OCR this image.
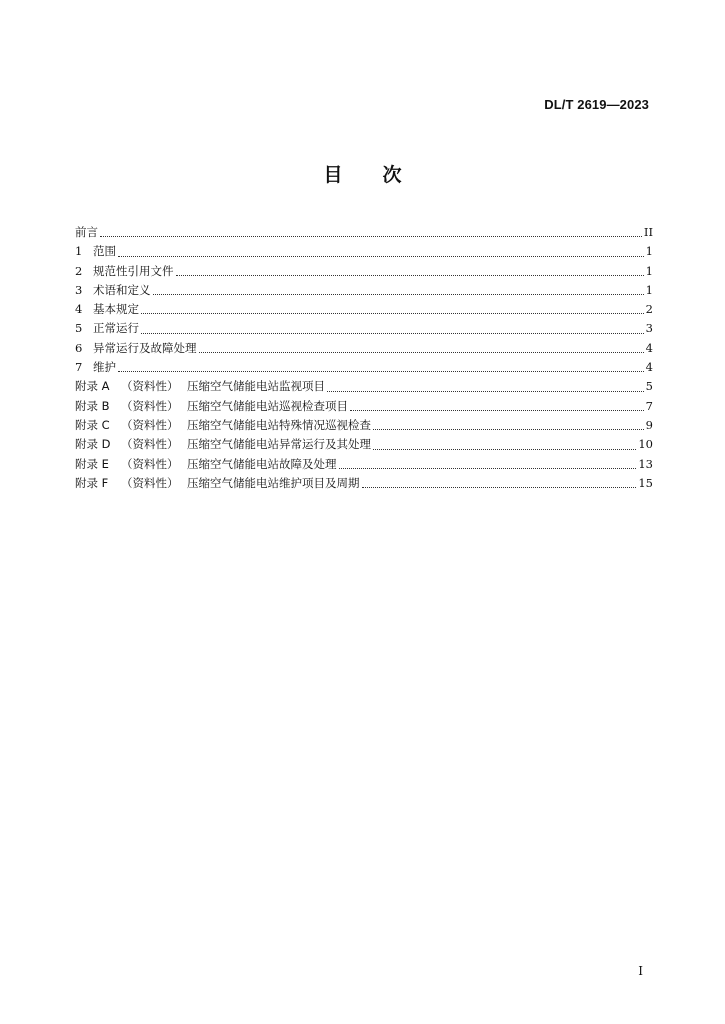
DL/T 2619—2023
目 次
前言	II
1 范围	1
2 规范性引用文件	1
3 术语和定义	1
4 基本规定	2
5 正常运行	3
6 异常运行及故障处理	4
7 维护	4
附录 A （资料性） 压缩空气储能电站监视项目	5
附录 B （资料性） 压缩空气储能电站巡视检查项目	7
附录 C （资料性） 压缩空气储能电站特殊情况巡视检查	9
附录 D （资料性） 压缩空气储能电站异常运行及其处理	10
附录 E	（资料性） 压缩空气储能电站故障及处理	13
附录 F	（资料性） 压缩空气储能电站维护项目及周期	15
I
